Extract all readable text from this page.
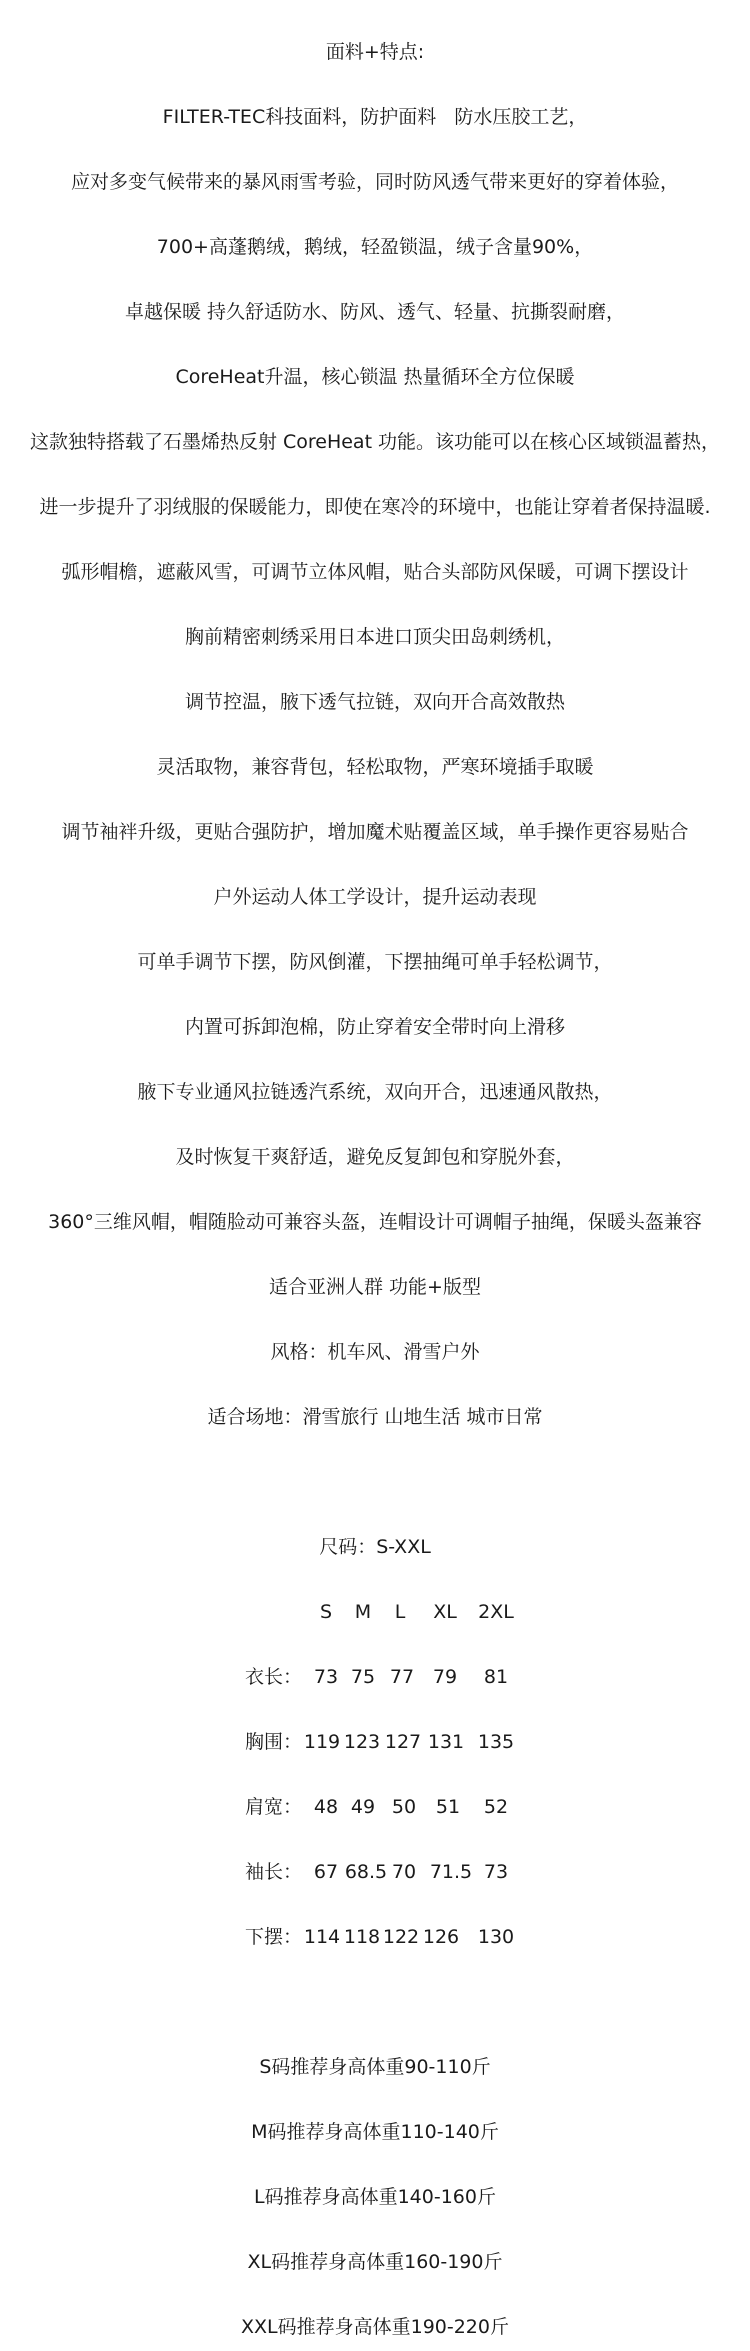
面料+特点:
FILTER-TEC科技面料，防护面料   防水压胶工艺，
应对多变气候带来的暴风雨雪考验，同时防风透气带来更好的穿着体验，
700+高蓬鹅绒，鹅绒，轻盈锁温，绒子含量90%，
卓越保暖 持久舒适防水、防风、透气、轻量、抗撕裂耐磨，
CoreHeat升温，核心锁温 热量循环全方位保暖
这款独特搭载了石墨烯热反射 CoreHeat 功能。该功能可以在核心区域锁温蓄热，
进一步提升了羽绒服的保暖能力，即使在寒冷的环境中，也能让穿着者保持温暖.
弧形帽檐，遮蔽风雪，可调节立体风帽，贴合头部防风保暖，可调下摆设计
胸前精密刺绣采用日本进口顶尖田岛刺绣机，
调节控温，腋下透气拉链，双向开合高效散热
灵活取物，兼容背包，轻松取物，严寒环境插手取暖
调节袖袢升级，更贴合强防护，增加魔术贴覆盖区域，单手操作更容易贴合
户外运动人体工学设计，提升运动表现
可单手调节下摆，防风倒灌，下摆抽绳可单手轻松调节，
内置可拆卸泡棉，防止穿着安全带时向上滑移
腋下专业通风拉链透汽系统，双向开合，迅速通风散热，
及时恢复干爽舒适，避免反复卸包和穿脱外套，
360°三维风帽，帽随脸动可兼容头盔，连帽设计可调帽子抽绳，保暖头盔兼容
适合亚洲人群 功能+版型
风格：机车风、滑雪户外
适合场地：滑雪旅行 山地生活 城市日常
尺码：S-XXL
S	M	L	XL	2XL
衣长： 73 75 77 79	81
胸围： 119 123 127 131 135
肩宽： 48 49 50	51	52
袖长： 67 68.5 70 71.5 73
下摆： 114 118 122 126 130
S码推荐身高体重90-110斤
M码推荐身高体重110-140斤
L码推荐身高体重140-160斤
XL码推荐身高体重160-190斤
XXL码推荐身高体重190-220斤
